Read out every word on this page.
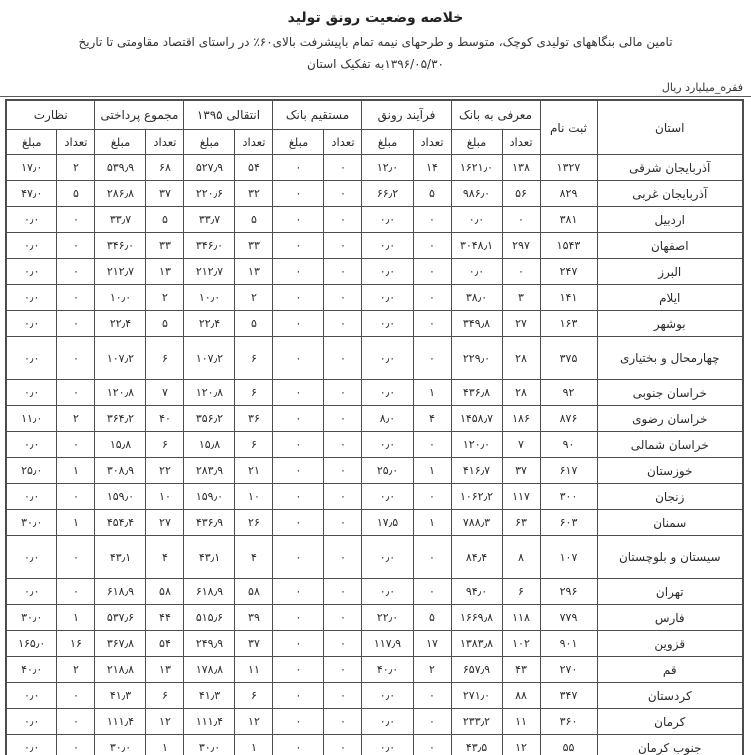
خلاصه وضعیت رونق تولید
تامین مالی بنگاههای تولیدی کوچک، متوسط و طرحهای نیمه تمام باپیشرفت بالای۶۰٪ در راستای اقتصاد مقاومتی تا تاریخ
۱۳۹۶/۰۵/۳۰به تفکیک استان
فقره_میلیارد ریال
استان	ثبت نام	معرفی به بانک		فرآیند رونق		مستقیم بانک		انتقالی ۱۳۹۵		مجموع پرداختی		نظارت	
		تعداد	مبلغ	تعداد	مبلغ	تعداد	مبلغ	تعداد	مبلغ	تعداد	مبلغ	تعداد	مبلغ
آذربایجان شرقی	۱۳۲۷	۱۳۸	۱۶۲۱٫۰	۱۴	۱۲٫۰	۰	۰	۵۴	۵۲۷٫۹	۶۸	۵۳۹٫۹	۲	۱۷٫۰
آذربایجان غربی	۸۲۹	۵۶	۹۸۶٫۰	۵	۶۶٫۲	۰	۰	۳۲	۲۲۰٫۶	۳۷	۲۸۶٫۸	۵	۴۷٫۰
اردبیل	۳۸۱	۰	۰٫۰	۰	۰٫۰	۰	۰	۵	۳۳٫۷	۵	۳۳٫۷	۰	۰٫۰
اصفهان	۱۵۴۳	۲۹۷	۳۰۴۸٫۱	۰	۰٫۰	۰	۰	۳۳	۳۴۶٫۰	۳۳	۳۴۶٫۰	۰	۰٫۰
البرز	۲۴۷	۰	۰٫۰	۰	۰٫۰	۰	۰	۱۳	۲۱۲٫۷	۱۳	۲۱۲٫۷	۰	۰٫۰
ایلام	۱۴۱	۳	۳۸٫۰	۰	۰٫۰	۰	۰	۲	۱۰٫۰	۲	۱۰٫۰	۰	۰٫۰
بوشهر	۱۶۳	۲۷	۳۴۹٫۸	۰	۰٫۰	۰	۰	۵	۲۲٫۴	۵	۲۲٫۴	۰	۰٫۰
چهارمحال و بختیاری	۳۷۵	۲۸	۲۲۹٫۰	۰	۰٫۰	۰	۰	۶	۱۰۷٫۲	۶	۱۰۷٫۲	۰	۰٫۰
خراسان جنوبی	۹۲	۲۸	۴۳۶٫۸	۱	۰٫۰	۰	۰	۶	۱۲۰٫۸	۷	۱۲۰٫۸	۰	۰٫۰
خراسان رضوی	۸۷۶	۱۸۶	۱۴۵۸٫۷	۴	۸٫۰	۰	۰	۳۶	۳۵۶٫۲	۴۰	۳۶۴٫۲	۲	۱۱٫۰
خراسان شمالی	۹۰	۷	۱۲۰٫۰	۰	۰٫۰	۰	۰	۶	۱۵٫۸	۶	۱۵٫۸	۰	۰٫۰
خوزستان	۶۱۷	۳۷	۴۱۶٫۷	۱	۲۵٫۰	۰	۰	۲۱	۲۸۳٫۹	۲۲	۳۰۸٫۹	۱	۲۵٫۰
زنجان	۳۰۰	۱۱۷	۱۰۶۲٫۲	۰	۰٫۰	۰	۰	۱۰	۱۵۹٫۰	۱۰	۱۵۹٫۰	۰	۰٫۰
سمنان	۶۰۳	۶۳	۷۸۸٫۳	۱	۱۷٫۵	۰	۰	۲۶	۴۳۶٫۹	۲۷	۴۵۴٫۴	۱	۳۰٫۰
سیستان و بلوچستان	۱۰۷	۸	۸۴٫۴	۰	۰٫۰	۰	۰	۴	۴۳٫۱	۴	۴۳٫۱	۰	۰٫۰
تهران	۲۹۶	۶	۹۴٫۰	۰	۰٫۰	۰	۰	۵۸	۶۱۸٫۹	۵۸	۶۱۸٫۹	۰	۰٫۰
فارس	۷۷۹	۱۱۸	۱۶۶۹٫۸	۵	۲۲٫۰	۰	۰	۳۹	۵۱۵٫۶	۴۴	۵۳۷٫۶	۱	۳۰٫۰
قزوین	۹۰۱	۱۰۲	۱۳۸۳٫۸	۱۷	۱۱۷٫۹	۰	۰	۳۷	۲۴۹٫۹	۵۴	۳۶۷٫۸	۱۶	۱۶۵٫۰
قم	۲۷۰	۴۳	۶۵۷٫۹	۲	۴۰٫۰	۰	۰	۱۱	۱۷۸٫۸	۱۳	۲۱۸٫۸	۲	۴۰٫۰
کردستان	۳۴۷	۸۸	۲۷۱٫۰	۰	۰٫۰	۰	۰	۶	۴۱٫۳	۶	۴۱٫۳	۰	۰٫۰
کرمان	۳۶۰	۱۱	۲۳۳٫۲	۰	۰٫۰	۰	۰	۱۲	۱۱۱٫۴	۱۲	۱۱۱٫۴	۰	۰٫۰
جنوب کرمان	۵۵	۱۲	۴۳٫۵	۰	۰٫۰	۰	۰	۱	۳۰٫۰	۱	۳۰٫۰	۰	۰٫۰
